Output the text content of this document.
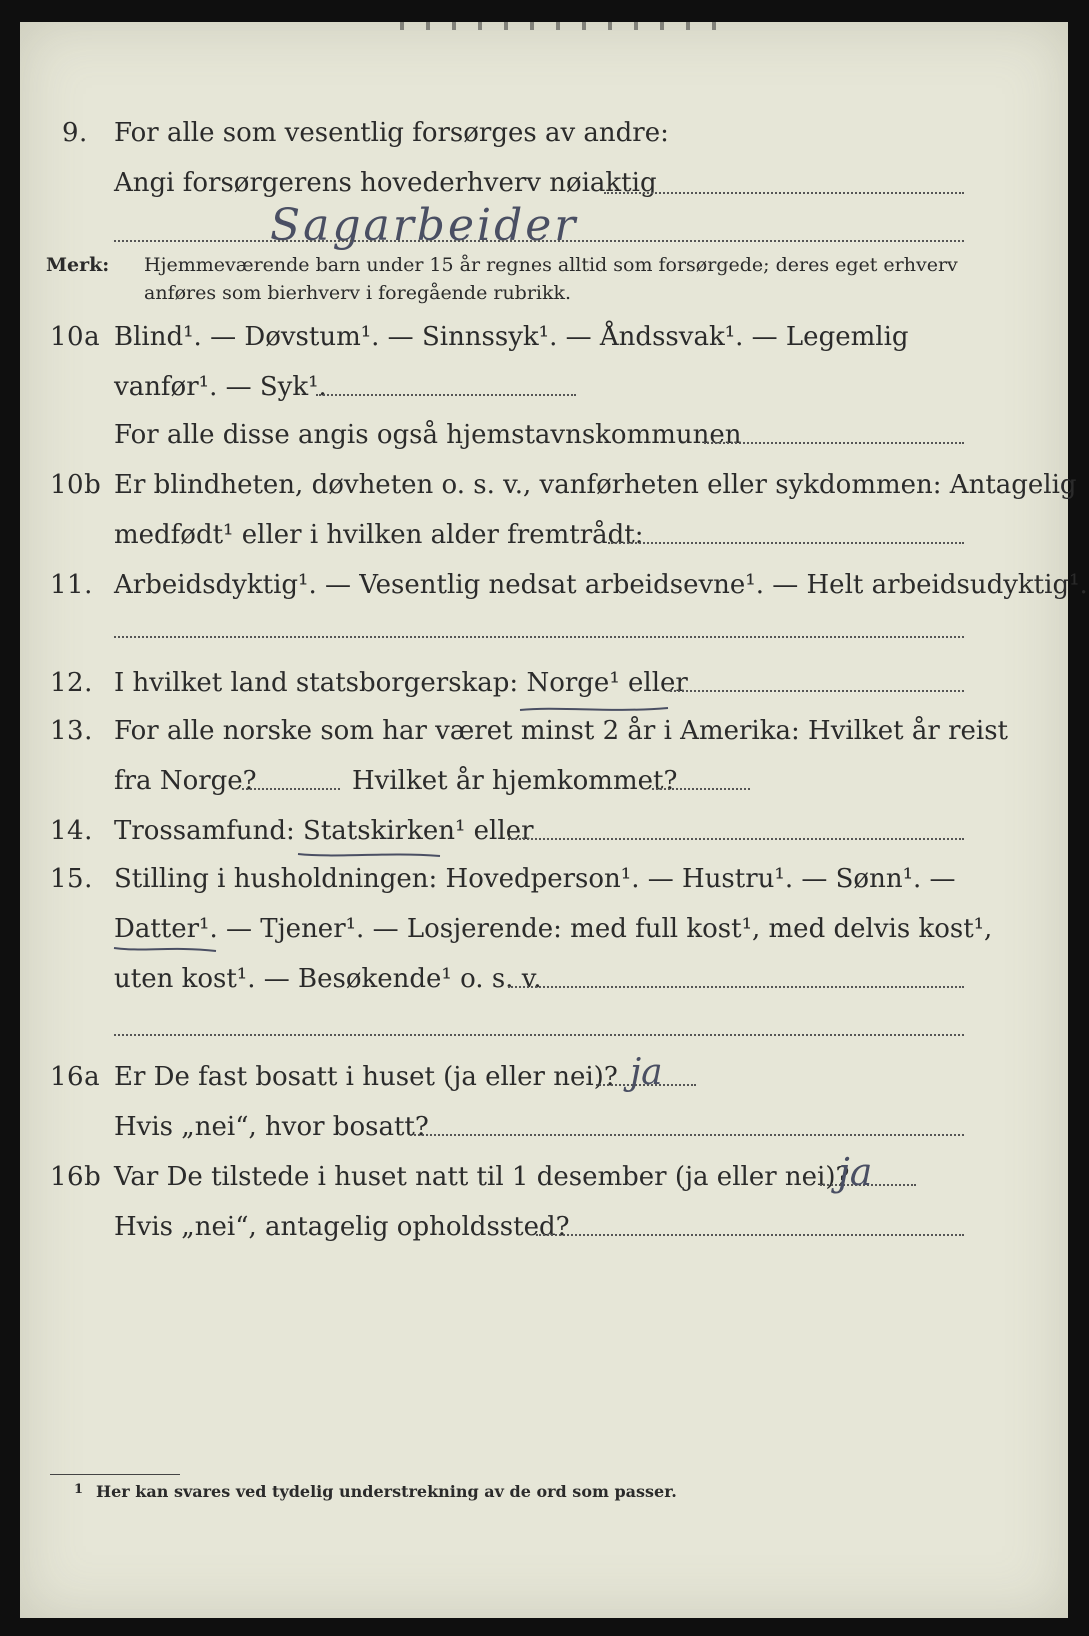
9. For alle som vesentlig forsørges av andre:
Angi forsørgerens hovederhverv nøiaktig
Sagarbeider
Merk: Hjemmeværende barn under 15 år regnes alltid som forsørgede; deres eget erhverv
anføres som bierhverv i foregående rubrikk.
10a Blind¹. — Døvstum¹. — Sinnssyk¹. — Åndssvak¹. — Legemlig
vanfør¹. — Syk¹.
For alle disse angis også hjemstavnskommunen
10b Er blindheten, døvheten o. s. v., vanførheten eller sykdommen: Antagelig
medfødt¹ eller i hvilken alder fremtrådt:
11. Arbeidsdyktig¹. — Vesentlig nedsat arbeidsevne¹. — Helt arbeidsudyktig¹.
12. I hvilket land statsborgerskap: Norge¹ eller
13. For alle norske som har været minst 2 år i Amerika: Hvilket år reist
fra Norge?	Hvilket år hjemkommet?
14. Trossamfund: Statskirken¹ eller
15. Stilling i husholdningen: Hovedperson¹. — Hustru¹. — Sønn¹. —
Datter¹. — Tjener¹. — Losjerende: med full kost¹, med delvis kost¹,
uten kost¹. — Besøkende¹ o. s. v.
16a Er De fast bosatt i huset (ja eller nei)? ja
Hvis „nei“, hvor bosatt?
16b Var De tilstede i huset natt til 1 desember (ja eller nei)?
ja
Hvis „nei“, antagelig opholdssted?
1 Her kan svares ved tydelig understrekning av de ord som passer.
